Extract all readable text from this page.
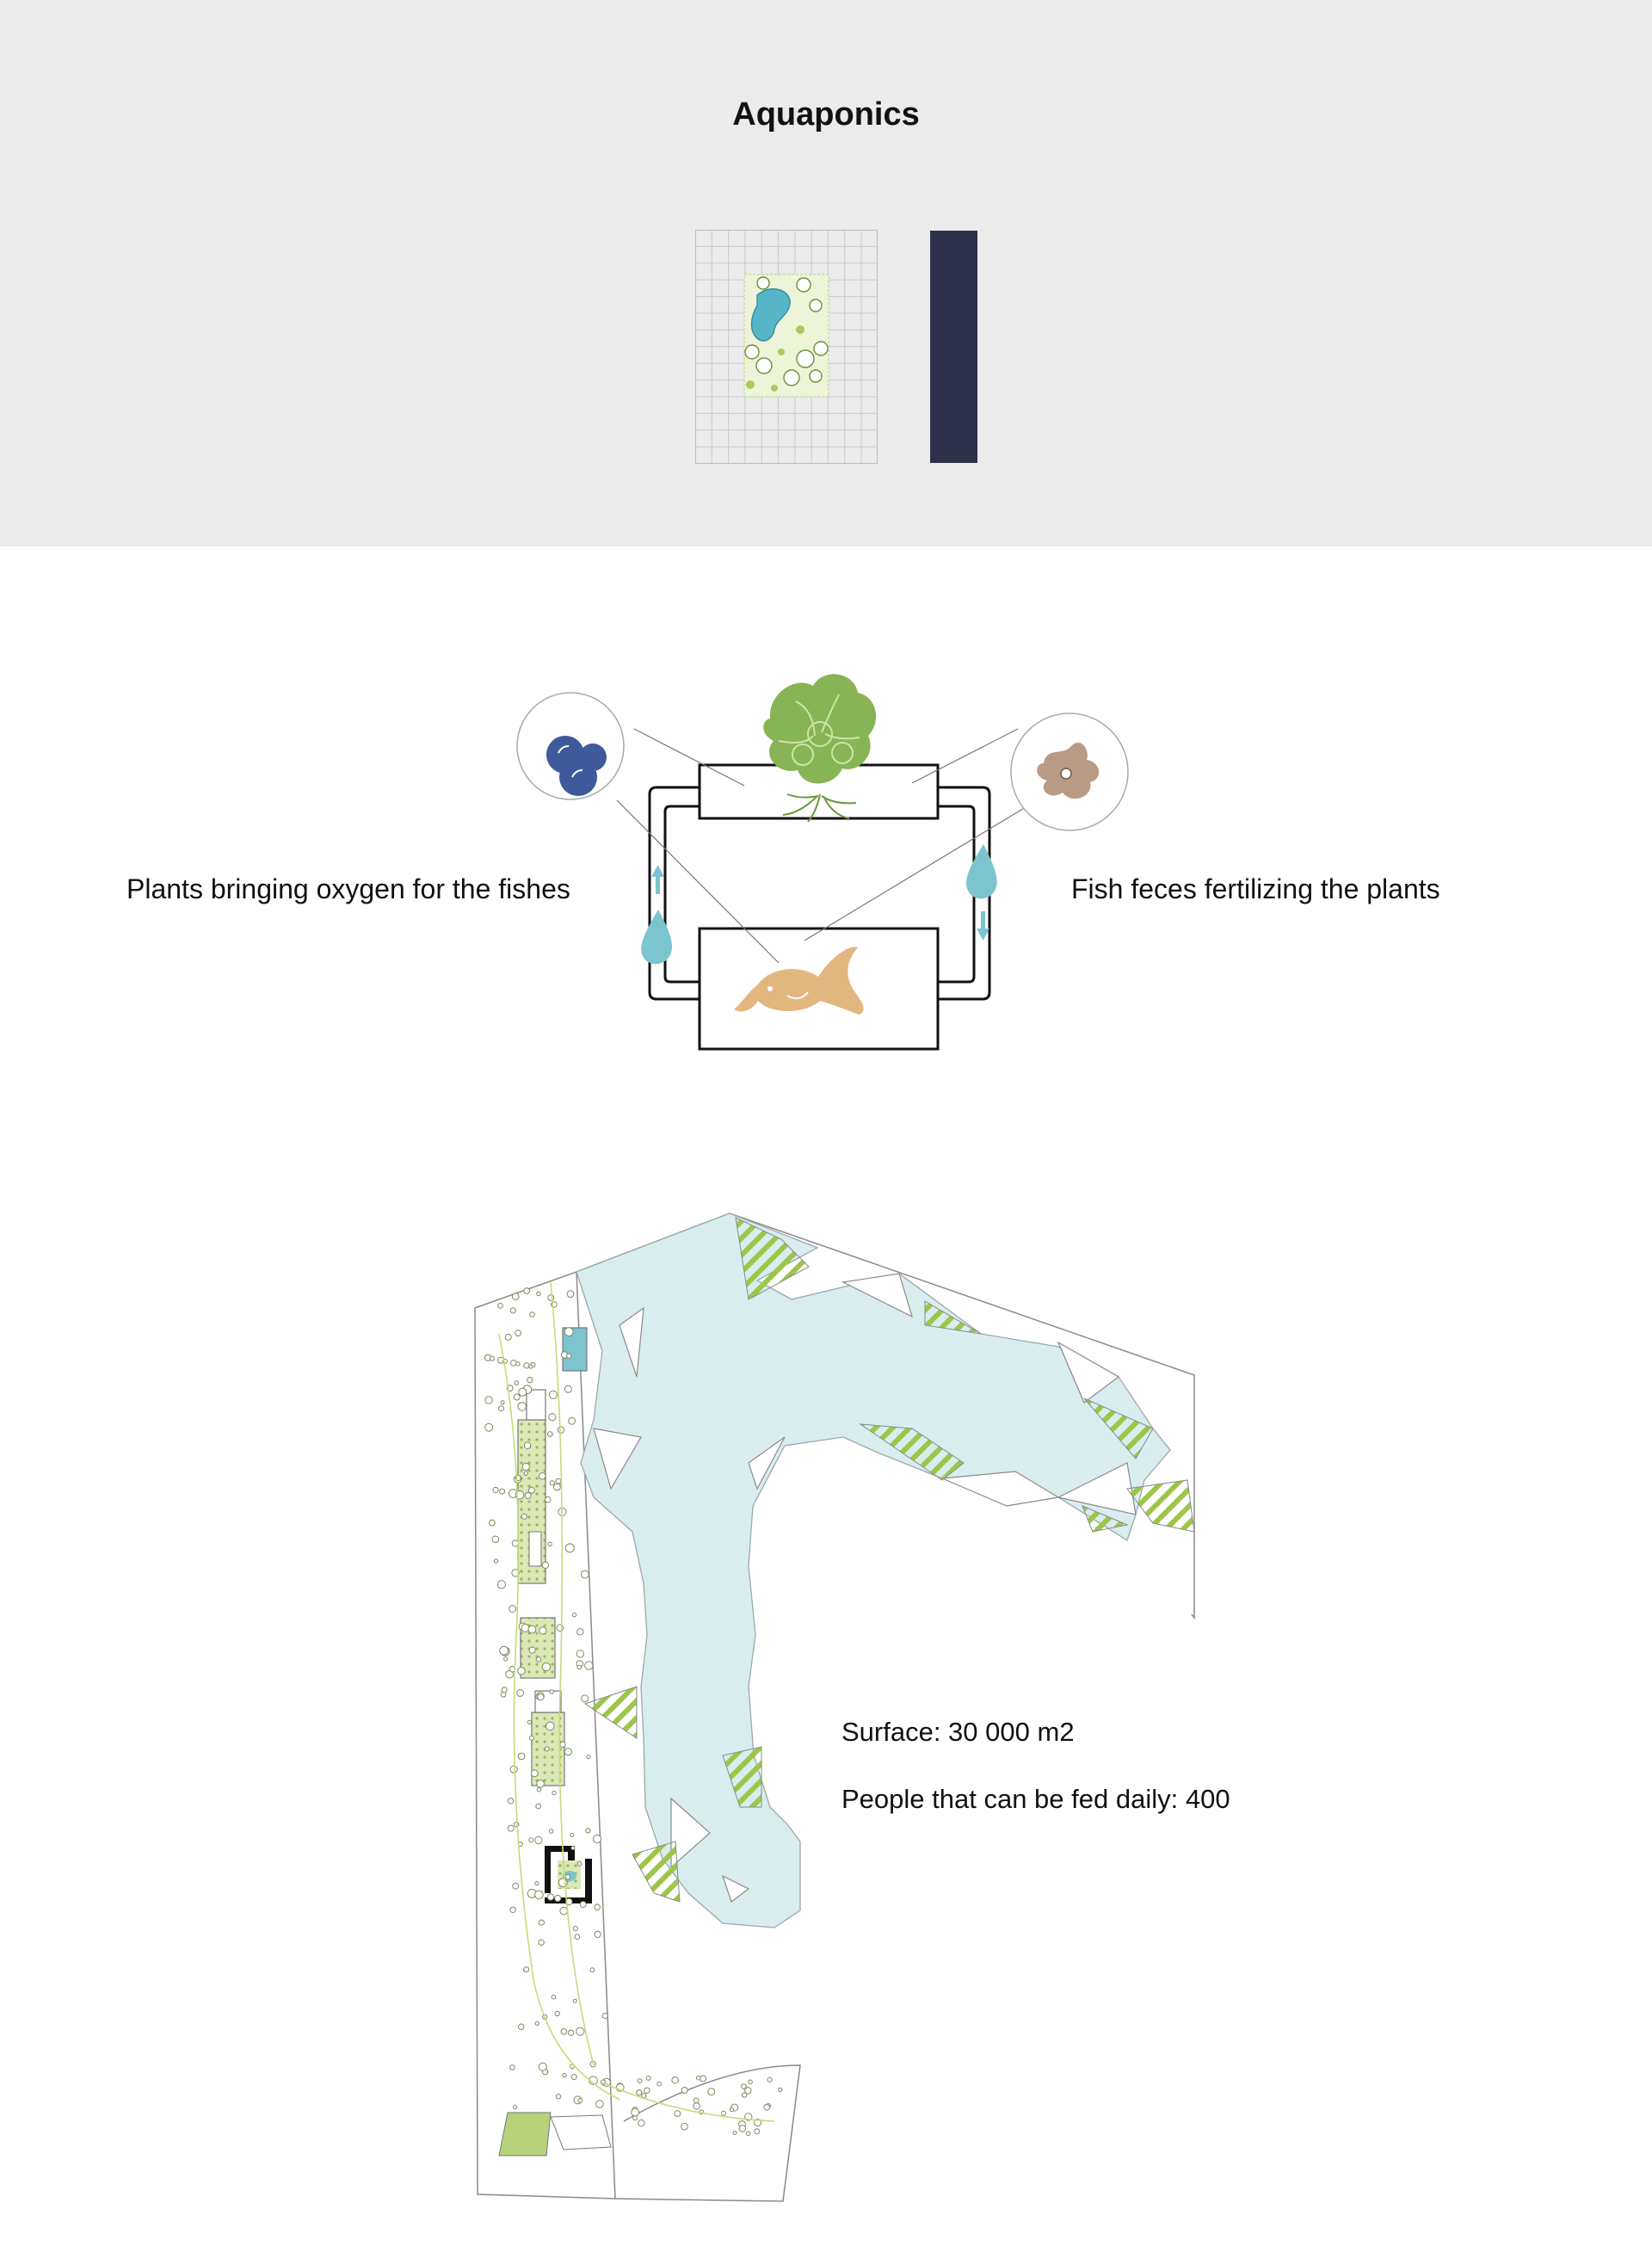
Aquaponics
Plants bringing oxygen for the fishes	Fish feces fertilizing the plants
Surface: 30 000 m2
People that can be fed daily: 400
